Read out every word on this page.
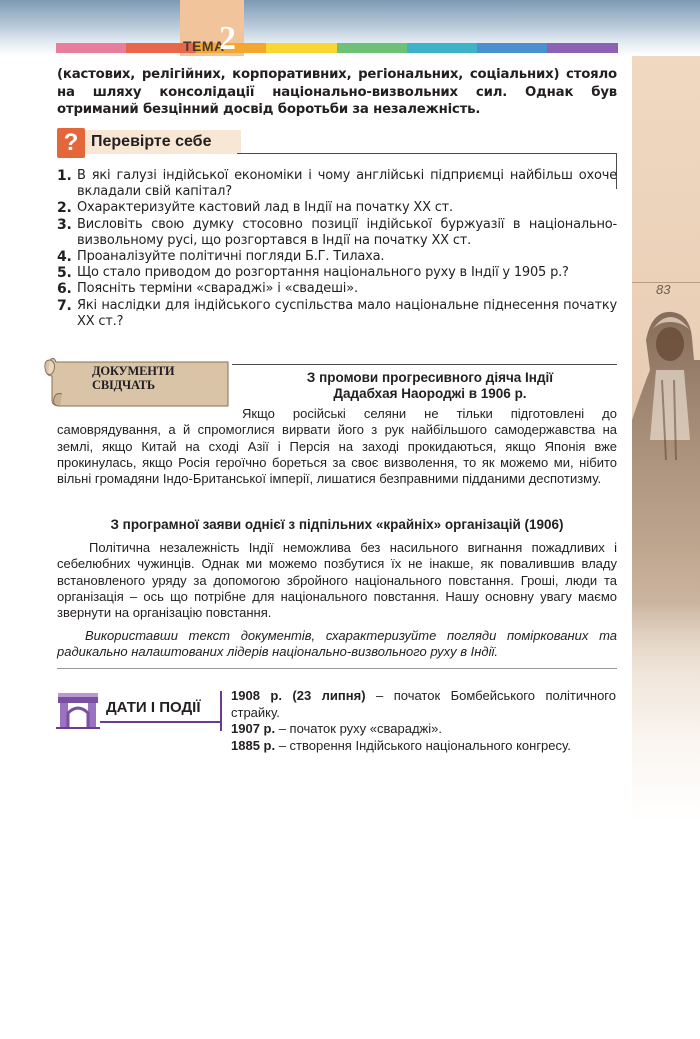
ТЕМА
2
83

(кастових, релігійних, корпоративних, регіональних, соціальних) стояло на шляху консолідації національно-визвольних сил. Однак був отриманий безцінний досвід боротьби за незалежність.

? Перевірте себе
1. В які галузі індійської економіки і чому англійські підприємці найбільш охоче вкладали свій капітал?
2. Охарактеризуйте кастовий лад в Індії на початку XX ст.
3. Висловіть свою думку стосовно позиції індійської буржуазії в національно-визвольному русі, що розгортався в Індії на початку XX ст.
4. Проаналізуйте політичні погляди Б.Г. Тилаха.
5. Що стало приводом до розгортання національного руху в Індії у 1905 р.?
6. Поясніть терміни «свараджі» і «свадеші».
7. Які наслідки для індійського суспільства мало національне піднесення початку XX ст.?
ДОКУМЕНТИ
СВІДЧАТЬ	З промови прогресивного діяча Індії
Дадабхая Наороджі в 1906 р.

Якщо російські селяни не тільки підготовлені до самоврядування, а й спромоглися вирвати його з рук найбільшого самодержавства на землі, якщо Китай на сході Азії і Персія на заході прокидаються, якщо Японія вже прокинулась, якщо Росія героїчно бореться за своє визволення, то як можемо ми, нібито вільні громадяни Індо-Британської імперії, лишатися безправними підданими деспотизму.

З програмної заяви однієї з підпільних «крайніх» організацій (1906)

Політична незалежність Індії неможлива без насильного вигнання пожадливих і себелюбних чужинців. Однак ми можемо позбутися їх не інакше, як повалившив владу встановленого уряду за допомогою збройного національного повстання. Гроші, люди та організація – ось що потрібне для національного повстання. Нашу основну увагу маємо звернути на організацію повстання.

Використавши текст документів, схарактеризуйте погляди поміркованих та радикально налаштованих лідерів національно-визвольного руху в Індії.

ДАТИ І ПОДІЇ
1908 р. (23 липня) – початок Бомбейського політичного страйку.
1907 р. – початок руху «свараджі».
1885 р. – створення Індійського національного конгресу.
